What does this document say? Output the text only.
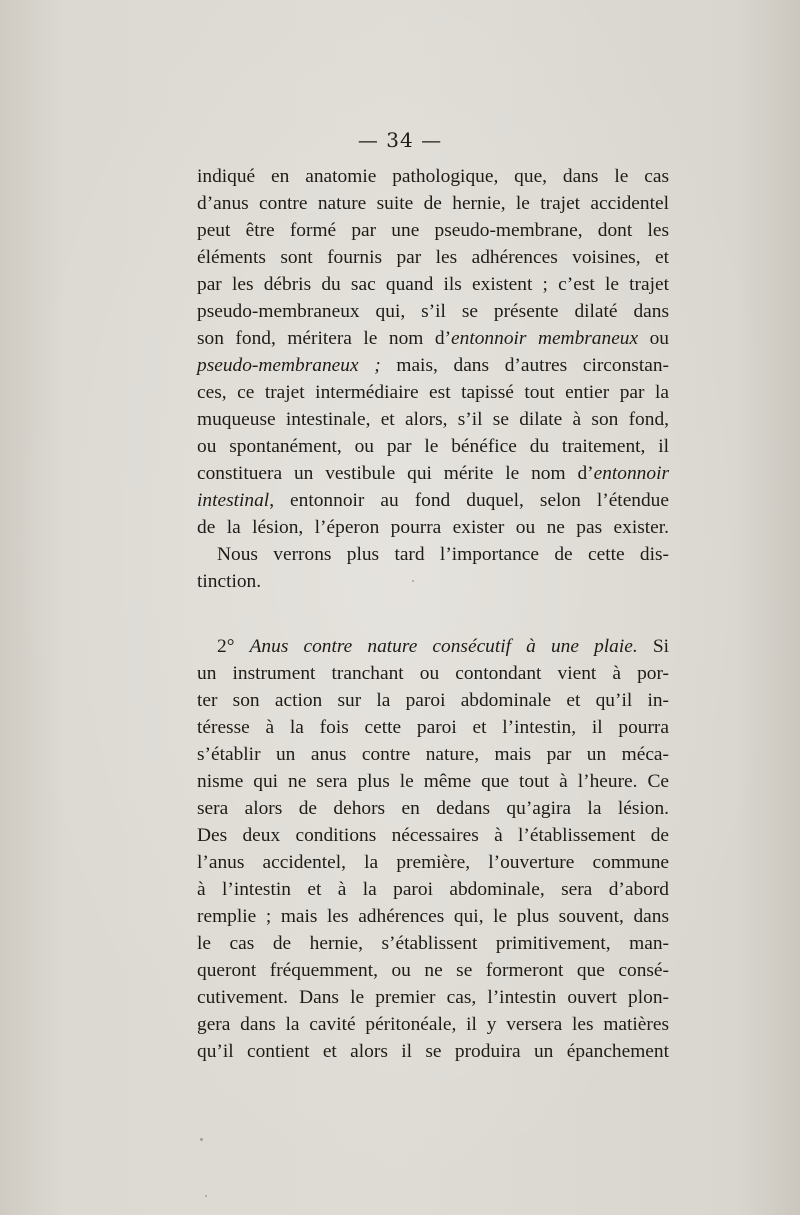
— 34 —
indiqué en anatomie pathologique, que, dans le cas
d’anus contre nature suite de hernie, le trajet accidentel
peut être formé par une pseudo-membrane, dont les
éléments sont fournis par les adhérences voisines, et
par les débris du sac quand ils existent ; c’est le trajet
pseudo-membraneux qui, s’il se présente dilaté dans
son fond, méritera le nom d’entonnoir membraneux ou
pseudo-membraneux ; mais, dans d’autres circonstan-
ces, ce trajet intermédiaire est tapissé tout entier par la
muqueuse intestinale, et alors, s’il se dilate à son fond,
ou spontanément, ou par le bénéfice du traitement, il
constituera un vestibule qui mérite le nom d’entonnoir
intestinal, entonnoir au fond duquel, selon l’étendue
de la lésion, l’éperon pourra exister ou ne pas exister.
Nous verrons plus tard l’importance de cette dis-
tinction.
2° Anus contre nature consécutif à une plaie. Si
un instrument tranchant ou contondant vient à por-
ter son action sur la paroi abdominale et qu’il in-
téresse à la fois cette paroi et l’intestin, il pourra
s’établir un anus contre nature, mais par un méca-
nisme qui ne sera plus le même que tout à l’heure. Ce
sera alors de dehors en dedans qu’agira la lésion.
Des deux conditions nécessaires à l’établissement de
l’anus accidentel, la première, l’ouverture commune
à l’intestin et à la paroi abdominale, sera d’abord
remplie ; mais les adhérences qui, le plus souvent, dans
le cas de hernie, s’établissent primitivement, man-
queront fréquemment, ou ne se formeront que consé-
cutivement. Dans le premier cas, l’intestin ouvert plon-
gera dans la cavité péritonéale, il y versera les matières
qu’il contient et alors il se produira un épanchement
